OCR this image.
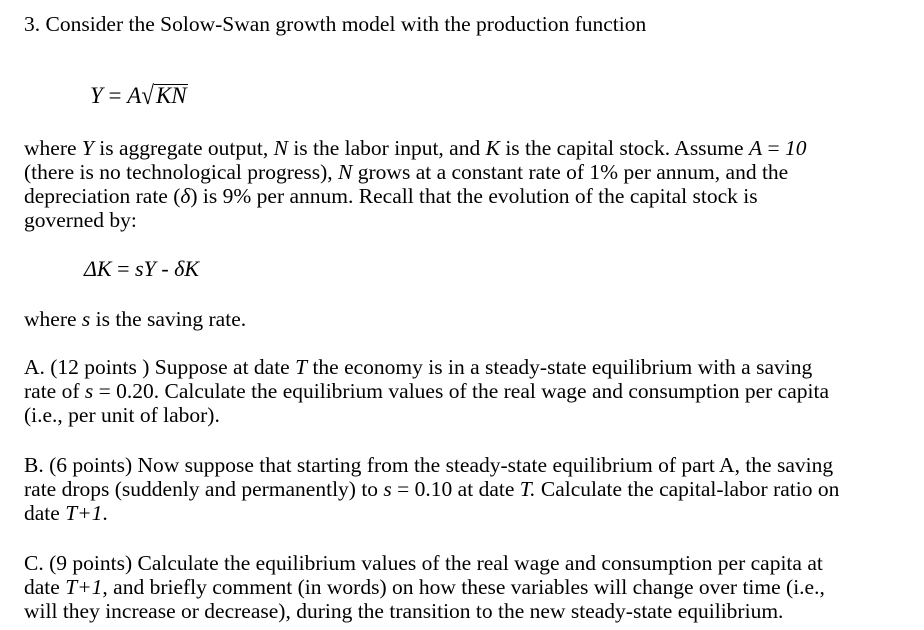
3. Consider the Solow-Swan growth model with the production function
Y = A√KN
where Y is aggregate output, N is the labor input, and K is the capital stock. Assume A = 10
(there is no technological progress), N grows at a constant rate of 1% per annum, and the
depreciation rate (δ) is 9% per annum. Recall that the evolution of the capital stock is
governed by:
ΔK = sY - δK
where s is the saving rate.
A. (12 points ) Suppose at date T the economy is in a steady-state equilibrium with a saving
rate of s = 0.20. Calculate the equilibrium values of the real wage and consumption per capita
(i.e., per unit of labor).
B. (6 points) Now suppose that starting from the steady-state equilibrium of part A, the saving
rate drops (suddenly and permanently) to s = 0.10 at date T. Calculate the capital-labor ratio on
date T+1.
C. (9 points) Calculate the equilibrium values of the real wage and consumption per capita at
date T+1, and briefly comment (in words) on how these variables will change over time (i.e.,
will they increase or decrease), during the transition to the new steady-state equilibrium.
